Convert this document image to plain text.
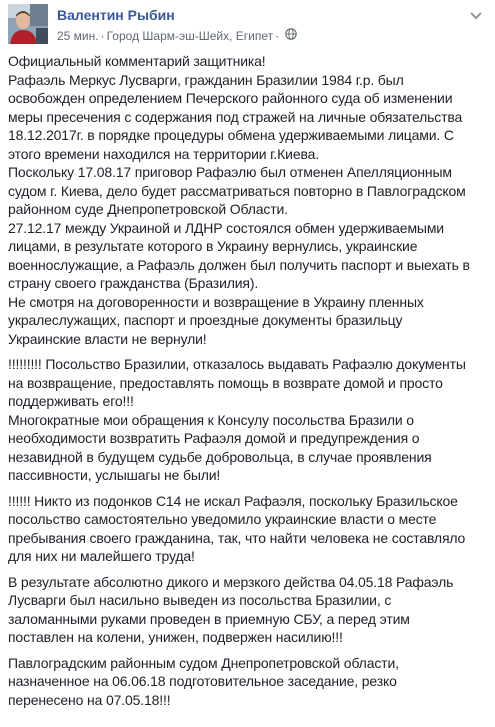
Валентин Рыбин
25 мин. · Город Шарм-эш-Шейх, Египет ·
Официальный комментарий защитника!
Рафаэль Меркус Лусварги, гражданин Бразилии 1984 г.р. был
освобожден определением Печерского районного суда об изменении
меры пресечения с содержания под стражей на личные обязательства
18.12.2017г. в порядке процедуры обмена удерживаемыми лицами. С
этого времени находился на территории г.Киева.
Поскольку 17.08.17 приговор Рафаэлю был отменен Апелляционным
судом г. Киева, дело будет рассматриваться повторно в Павлоградском
районном суде Днепропетровской Области.
27.12.17 между Украиной и ЛДНР состоялся обмен удерживаемыми
лицами, в результате которого в Украину вернулись, украинские
военнослужащие, а Рафаэль должен был получить паспорт и выехать в
страну своего гражданства (Бразилия).
Не смотря на договоренности и возвращение в Украину пленных
укралеслужащих, паспорт и проездные документы бразильцу
Украинские власти не вернули!
!!!!!!!!! Посольство Бразилии, отказалось выдавать Рафаэлю документы
на возвращение, предоставлять помощь в возврате домой и просто
поддерживать его!!!
Многократные мои обращения к Консулу посольства Бразили о
необходимости возвратить Рафаэля домой и предупреждения о
незавидной в будущем судьбе добровольца, в случае проявления
пассивности, услышагы не были!
!!!!!! Никто из подонков С14 не искал Рафаэля, поскольку Бразильское
посольство самостоятельно уведомило украинские власти о месте
пребывания своего гражданина, так, что найти человека не составляло
для них ни малейшего труда!
В результате абсолютно дикого и мерзкого действа 04.05.18 Рафаэль
Лусварги был насильно выведен из посольства Бразилии, с
заломанными руками проведен в приемную СБУ, а перед этим
поставлен на колени, унижен, подвержен насилию!!!
Павлоградским районным судом Днепропетровской области,
назначенное на 06.06.18 подготовительное заседание, резко
перенесено на 07.05.18!!!
